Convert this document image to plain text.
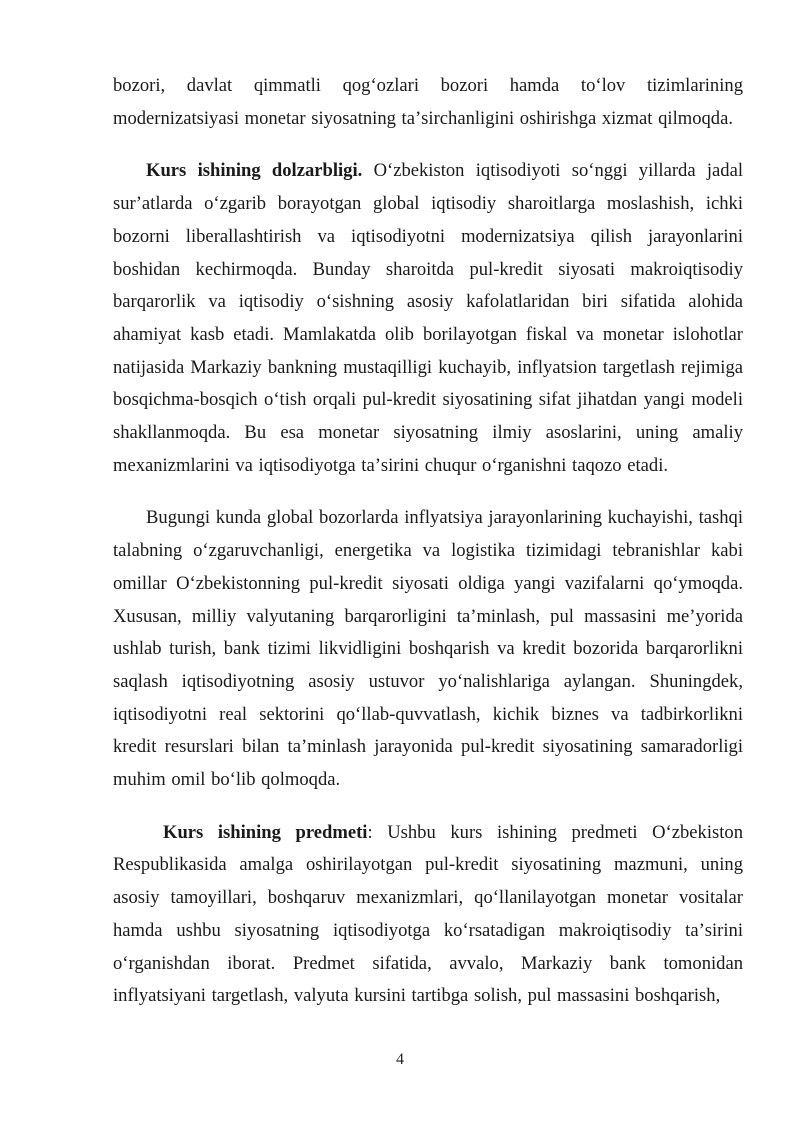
bozori, davlat qimmatli qogʻozlari bozori hamda toʻlov tizimlarining modernizatsiyasi monetar siyosatning taʼsirchanligini oshirishga xizmat qilmoqda.

Kurs ishining dolzarbligi. Oʻzbekiston iqtisodiyoti soʻnggi yillarda jadal surʼatlarda oʻzgarib borayotgan global iqtisodiy sharoitlarga moslashish, ichki bozorni liberallashtirish va iqtisodiyotni modernizatsiya qilish jarayonlarini boshidan kechirmoqda. Bunday sharoitda pul-kredit siyosati makroiqtisodiy barqarorlik va iqtisodiy oʻsishning asosiy kafolatlaridan biri sifatida alohida ahamiyat kasb etadi. Mamlakatda olib borilayotgan fiskal va monetar islohotlar natijasida Markaziy bankning mustaqilligi kuchayib, inflyatsion targetlash rejimiga bosqichma-bosqich oʻtish orqali pul-kredit siyosatining sifat jihatdan yangi modeli shakllanmoqda. Bu esa monetar siyosatning ilmiy asoslarini, uning amaliy mexanizmlarini va iqtisodiyotga taʼsirini chuqur oʻrganishni taqozo etadi.

Bugungi kunda global bozorlarda inflyatsiya jarayonlarining kuchayishi, tashqi talabning oʻzgaruvchanligi, energetika va logistika tizimidagi tebranishlar kabi omillar Oʻzbekistonning pul-kredit siyosati oldiga yangi vazifalarni qoʻymoqda. Xususan, milliy valyutaning barqarorligini taʼminlash, pul massasini meʼyorida ushlab turish, bank tizimi likvidligini boshqarish va kredit bozorida barqarorlikni saqlash iqtisodiyotning asosiy ustuvor yoʻnalishlariga aylangan. Shuningdek, iqtisodiyotni real sektorini qoʻllab-quvvatlash, kichik biznes va tadbirkorlikni kredit resurslari bilan taʼminlash jarayonida pul-kredit siyosatining samaradorligi muhim omil boʻlib qolmoqda.

Kurs ishining predmeti: Ushbu kurs ishining predmeti Oʻzbekiston Respublikasida amalga oshirilayotgan pul-kredit siyosatining mazmuni, uning asosiy tamoyillari, boshqaruv mexanizmlari, qoʻllanilayotgan monetar vositalar hamda ushbu siyosatning iqtisodiyotga koʻrsatadigan makroiqtisodiy taʼsirini oʻrganishdan iborat. Predmet sifatida, avvalo, Markaziy bank tomonidan inflyatsiyani targetlash, valyuta kursini tartibga solish, pul massasini boshqarish,

4
